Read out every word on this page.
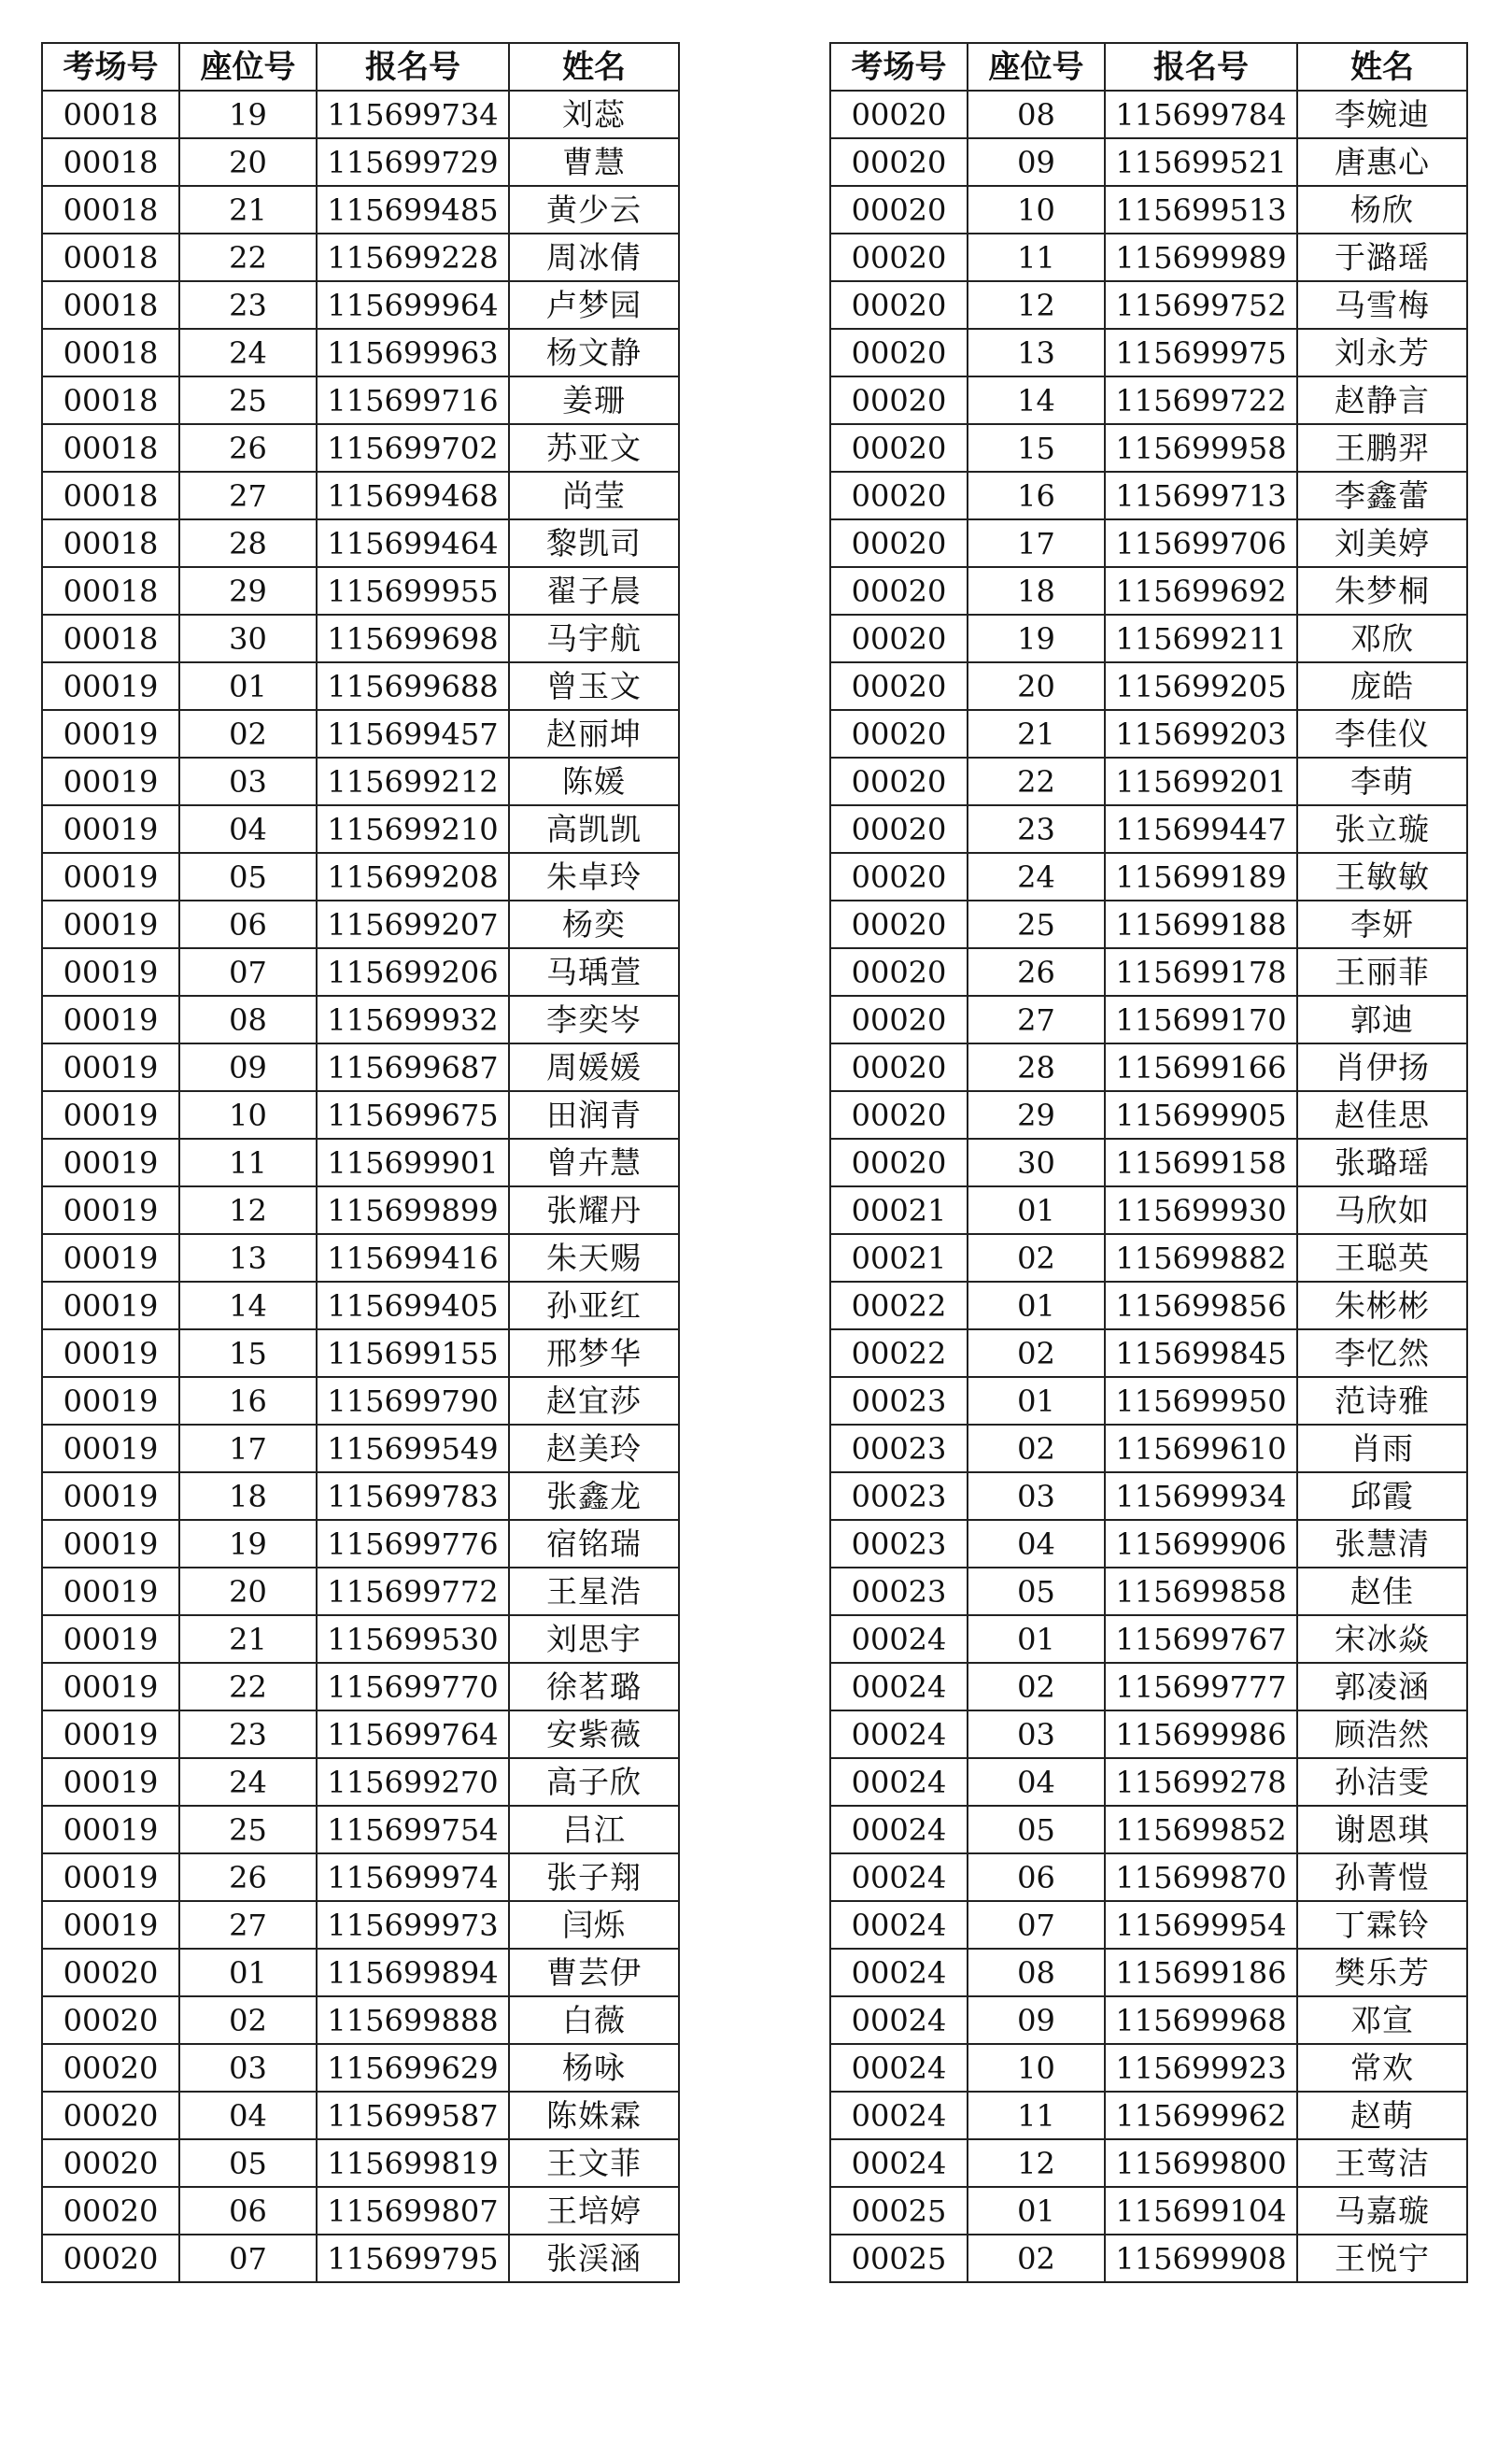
考场号	座位号	报名号	姓名
00018	19	115699734	刘蕊
00018	20	115699729	曹慧
00018	21	115699485	黄少云
00018	22	115699228	周冰倩
00018	23	115699964	卢梦园
00018	24	115699963	杨文静
00018	25	115699716	姜珊
00018	26	115699702	苏亚文
00018	27	115699468	尚莹
00018	28	115699464	黎凯司
00018	29	115699955	翟子晨
00018	30	115699698	马宇航
00019	01	115699688	曾玉文
00019	02	115699457	赵丽坤
00019	03	115699212	陈媛
00019	04	115699210	高凯凯
00019	05	115699208	朱卓玲
00019	06	115699207	杨奕
00019	07	115699206	马瑀萱
00019	08	115699932	李奕岑
00019	09	115699687	周媛媛
00019	10	115699675	田润青
00019	11	115699901	曾卉慧
00019	12	115699899	张耀丹
00019	13	115699416	朱天赐
00019	14	115699405	孙亚红
00019	15	115699155	邢梦华
00019	16	115699790	赵宜莎
00019	17	115699549	赵美玲
00019	18	115699783	张鑫龙
00019	19	115699776	宿铭瑞
00019	20	115699772	王星浩
00019	21	115699530	刘思宇
00019	22	115699770	徐茗璐
00019	23	115699764	安紫薇
00019	24	115699270	高子欣
00019	25	115699754	吕江
00019	26	115699974	张子翔
00019	27	115699973	闫烁
00020	01	115699894	曹芸伊
00020	02	115699888	白薇
00020	03	115699629	杨咏
00020	04	115699587	陈姝霖
00020	05	115699819	王文菲
00020	06	115699807	王培婷
00020	07	115699795	张渓涵
考场号	座位号	报名号	姓名
00020	08	115699784	李婉迪
00020	09	115699521	唐惠心
00020	10	115699513	杨欣
00020	11	115699989	于潞瑶
00020	12	115699752	马雪梅
00020	13	115699975	刘永芳
00020	14	115699722	赵静言
00020	15	115699958	王鹏羿
00020	16	115699713	李鑫蕾
00020	17	115699706	刘美婷
00020	18	115699692	朱梦桐
00020	19	115699211	邓欣
00020	20	115699205	庞皓
00020	21	115699203	李佳仪
00020	22	115699201	李萌
00020	23	115699447	张立璇
00020	24	115699189	王敏敏
00020	25	115699188	李妍
00020	26	115699178	王丽菲
00020	27	115699170	郭迪
00020	28	115699166	肖伊扬
00020	29	115699905	赵佳思
00020	30	115699158	张璐瑶
00021	01	115699930	马欣如
00021	02	115699882	王聪英
00022	01	115699856	朱彬彬
00022	02	115699845	李忆然
00023	01	115699950	范诗雅
00023	02	115699610	肖雨
00023	03	115699934	邱霞
00023	04	115699906	张慧清
00023	05	115699858	赵佳
00024	01	115699767	宋冰焱
00024	02	115699777	郭凌涵
00024	03	115699986	顾浩然
00024	04	115699278	孙洁雯
00024	05	115699852	谢恩琪
00024	06	115699870	孙菁愷
00024	07	115699954	丁霖铃
00024	08	115699186	樊乐芳
00024	09	115699968	邓宣
00024	10	115699923	常欢
00024	11	115699962	赵萌
00024	12	115699800	王莺洁
00025	01	115699104	马嘉璇
00025	02	115699908	王悦宁
